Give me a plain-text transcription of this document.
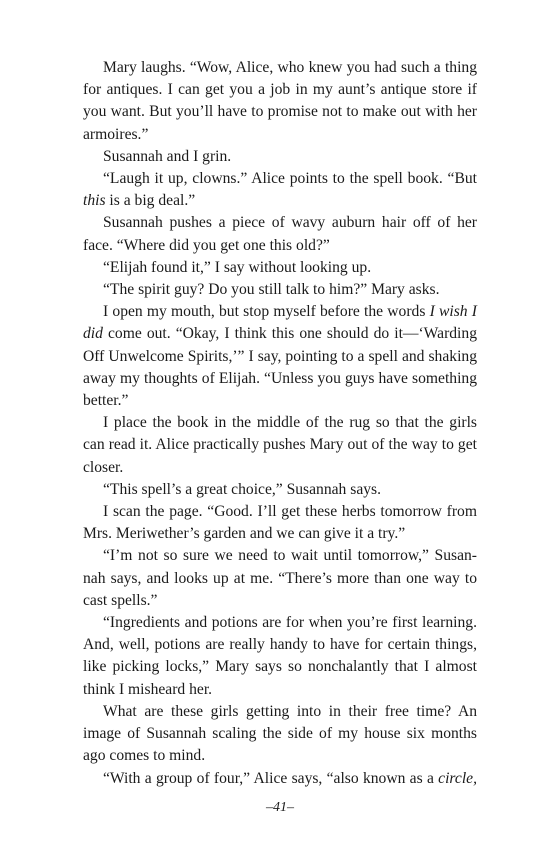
Mary laughs. “Wow, Alice, who knew you had such a thing for antiques. I can get you a job in my aunt’s antique store if you want. But you’ll have to promise not to make out with her armoires.”

Susannah and I grin.

“Laugh it up, clowns.” Alice points to the spell book. “But this is a big deal.”

Susannah pushes a piece of wavy auburn hair off of her face. “Where did you get one this old?”

“Elijah found it,” I say without looking up.

“The spirit guy? Do you still talk to him?” Mary asks.

I open my mouth, but stop myself before the words I wish I did come out. “Okay, I think this one should do it—‘Warding Off Unwelcome Spirits,’” I say, pointing to a spell and shaking away my thoughts of Elijah. “Unless you guys have something better.”

I place the book in the middle of the rug so that the girls can read it. Alice practically pushes Mary out of the way to get closer.

“This spell’s a great choice,” Susannah says.

I scan the page. “Good. I’ll get these herbs tomorrow from Mrs. Meriwether’s garden and we can give it a try.”

“I’m not so sure we need to wait until tomorrow,” Susannah says, and looks up at me. “There’s more than one way to cast spells.”

“Ingredients and potions are for when you’re first learning. And, well, potions are really handy to have for certain things, like picking locks,” Mary says so nonchalantly that I almost think I misheard her.

What are these girls getting into in their free time? An image of Susannah scaling the side of my house six months ago comes to mind.

“With a group of four,” Alice says, “also known as a circle,

–41–
